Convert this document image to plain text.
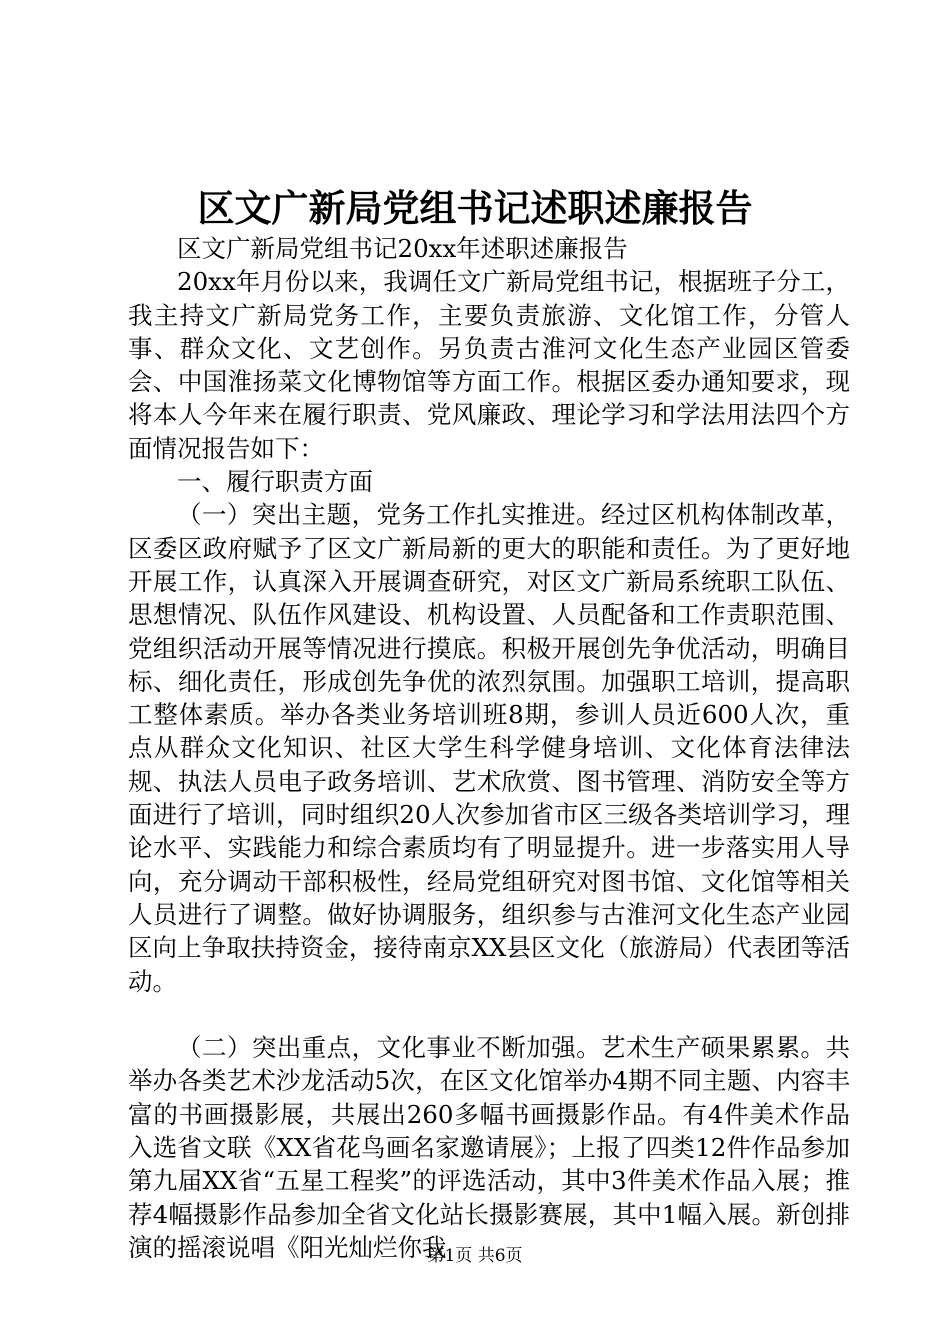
区文广新局党组书记述职述廉报告

区文广新局党组书记20xx年述职述廉报告

20xx年月份以来，我调任文广新局党组书记，根据班子分工，我主持文广新局党务工作，主要负责旅游、文化馆工作，分管人事、群众文化、文艺创作。另负责古淮河文化生态产业园区管委会、中国淮扬菜文化博物馆等方面工作。根据区委办通知要求，现将本人今年来在履行职责、党风廉政、理论学习和学法用法四个方面情况报告如下：

一、履行职责方面

（一）突出主题，党务工作扎实推进。经过区机构体制改革，区委区政府赋予了区文广新局新的更大的职能和责任。为了更好地开展工作，认真深入开展调查研究，对区文广新局系统职工队伍、思想情况、队伍作风建设、机构设置、人员配备和工作责职范围、党组织活动开展等情况进行摸底。积极开展创先争优活动，明确目标、细化责任，形成创先争优的浓烈氛围。加强职工培训，提高职工整体素质。举办各类业务培训班8期，参训人员近600人次，重点从群众文化知识、社区大学生科学健身培训、文化体育法律法规、执法人员电子政务培训、艺术欣赏、图书管理、消防安全等方面进行了培训，同时组织20人次参加省市区三级各类培训学习，理论水平、实践能力和综合素质均有了明显提升。进一步落实用人导向，充分调动干部积极性，经局党组研究对图书馆、文化馆等相关人员进行了调整。做好协调服务，组织参与古淮河文化生态产业园区向上争取扶持资金，接待南京XX县区文化（旅游局）代表团等活动。

（二）突出重点，文化事业不断加强。艺术生产硕果累累。共举办各类艺术沙龙活动5次，在区文化馆举办4期不同主题、内容丰富的书画摄影展，共展出260多幅书画摄影作品。有4件美术作品入选省文联《XX省花鸟画名家邀请展》；上报了四类12件作品参加第九届XX省“五星工程奖”的评选活动，其中3件美术作品入展；推荐4幅摄影作品参加全省文化站长摄影赛展，其中1幅入展。新创排演的摇滚说唱《阳光灿烂你我

第1页 共6页
